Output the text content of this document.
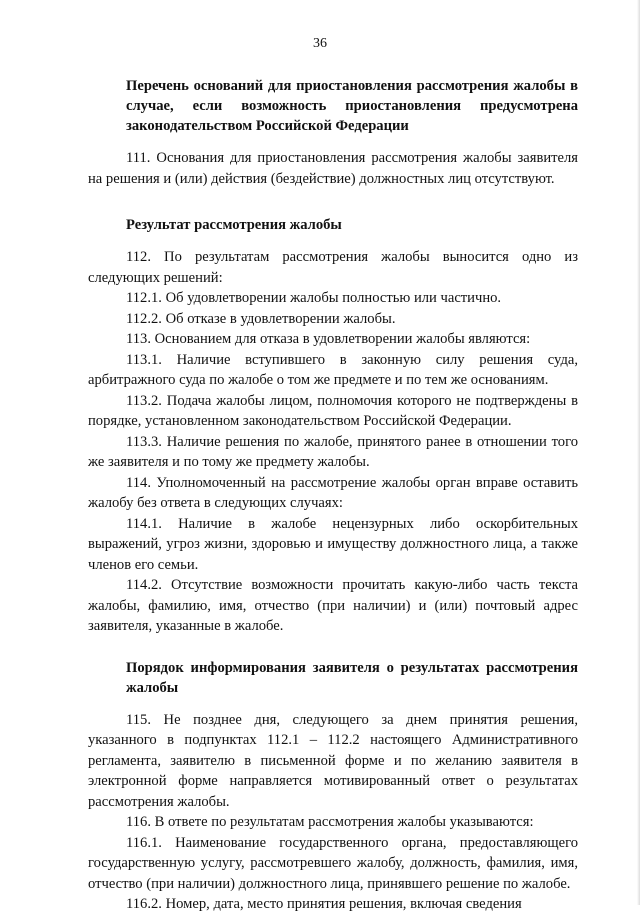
36
Перечень оснований для приостановления рассмотрения жалобы в случае, если возможность приостановления предусмотрена законодательством Российской Федерации

111. Основания для приостановления рассмотрения жалобы заявителя на решения и (или) действия (бездействие) должностных лиц отсутствуют.

Результат рассмотрения жалобы

112. По результатам рассмотрения жалобы выносится одно из следующих решений:

112.1. Об удовлетворении жалобы полностью или частично.

112.2. Об отказе в удовлетворении жалобы.

113. Основанием для отказа в удовлетворении жалобы являются:

113.1. Наличие вступившего в законную силу решения суда, арбитражного суда по жалобе о том же предмете и по тем же основаниям.

113.2. Подача жалобы лицом, полномочия которого не подтверждены в порядке, установленном законодательством Российской Федерации.

113.3. Наличие решения по жалобе, принятого ранее в отношении того же заявителя и по тому же предмету жалобы.

114. Уполномоченный на рассмотрение жалобы орган вправе оставить жалобу без ответа в следующих случаях:

114.1. Наличие в жалобе нецензурных либо оскорбительных выражений, угроз жизни, здоровью и имуществу должностного лица, а также членов его семьи.

114.2. Отсутствие возможности прочитать какую-либо часть текста жалобы, фамилию, имя, отчество (при наличии) и (или) почтовый адрес заявителя, указанные в жалобе.

Порядок информирования заявителя о результатах рассмотрения жалобы

115. Не позднее дня, следующего за днем принятия решения, указанного в подпунктах 112.1 – 112.2 настоящего Административного регламента, заявителю в письменной форме и по желанию заявителя в электронной форме направляется мотивированный ответ о результатах рассмотрения жалобы.

116. В ответе по результатам рассмотрения жалобы указываются:

116.1. Наименование государственного органа, предоставляющего государственную услугу, рассмотревшего жалобу, должность, фамилия, имя, отчество (при наличии) должностного лица, принявшего решение по жалобе.

116.2. Номер, дата, место принятия решения, включая сведения
